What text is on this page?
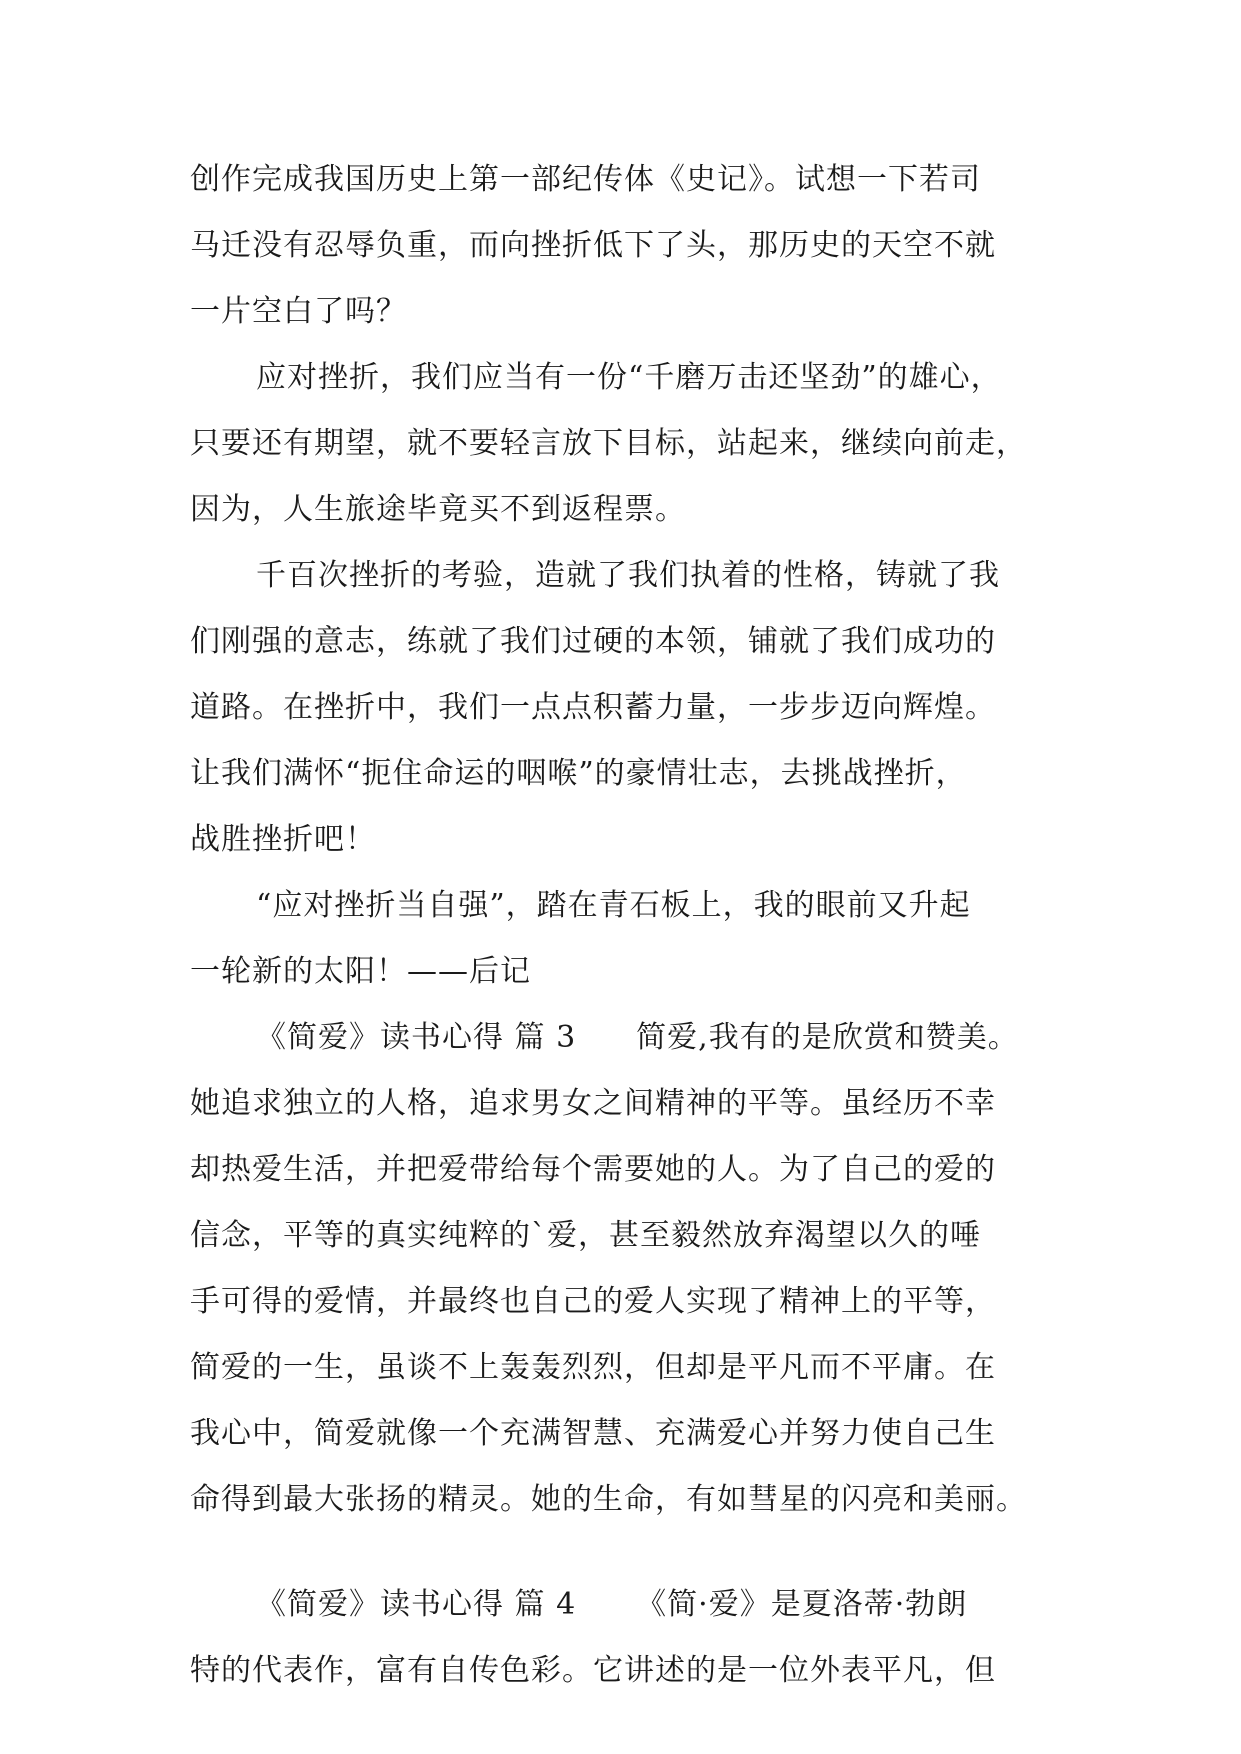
创作完成我国历史上第一部纪传体《史记》。试想一下若司
马迁没有忍辱负重，而向挫折低下了头，那历史的天空不就
一片空白了吗？
应对挫折，我们应当有一份“千磨万击还坚劲”的雄心，
只要还有期望，就不要轻言放下目标，站起来，继续向前走，
因为，人生旅途毕竟买不到返程票。
千百次挫折的考验，造就了我们执着的性格，铸就了我
们刚强的意志，练就了我们过硬的本领，铺就了我们成功的
道路。在挫折中，我们一点点积蓄力量，一步步迈向辉煌。
让我们满怀“扼住命运的咽喉”的豪情壮志，去挑战挫折，
战胜挫折吧！
“应对挫折当自强”，踏在青石板上，我的眼前又升起
一轮新的太阳！——后记
《简爱》读书心得 篇 3 简爱,我有的是欣赏和赞美。
她追求独立的人格，追求男女之间精神的平等。虽经历不幸
却热爱生活，并把爱带给每个需要她的人。为了自己的爱的
信念，平等的真实纯粹的`爱，甚至毅然放弃渴望以久的唾
手可得的爱情，并最终也自己的爱人实现了精神上的平等，
简爱的一生，虽谈不上轰轰烈烈，但却是平凡而不平庸。在
我心中，简爱就像一个充满智慧、充满爱心并努力使自己生
命得到最大张扬的精灵。她的生命，有如彗星的闪亮和美丽。
《简爱》读书心得 篇 4 《简·爱》是夏洛蒂·勃朗
特的代表作，富有自传色彩。它讲述的是一位外表平凡，但
